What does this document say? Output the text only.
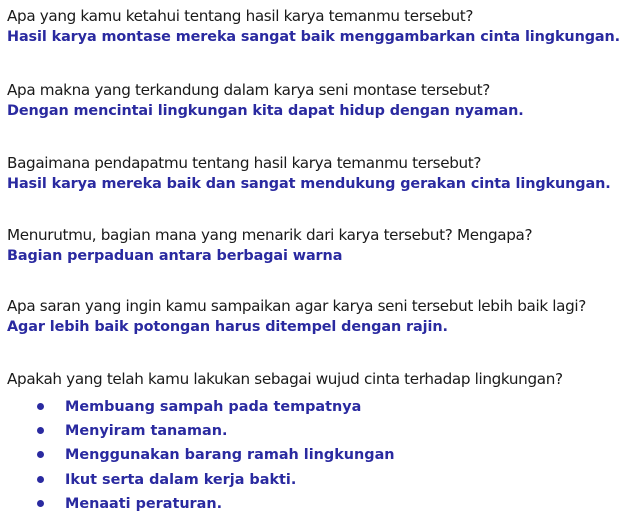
Apa yang kamu ketahui tentang hasil karya temanmu tersebut?
Hasil karya montase mereka sangat baik menggambarkan cinta lingkungan.
Apa makna yang terkandung dalam karya seni montase tersebut?
Dengan mencintai lingkungan kita dapat hidup dengan nyaman.
Bagaimana pendapatmu tentang hasil karya temanmu tersebut?
Hasil karya mereka baik dan sangat mendukung gerakan cinta lingkungan.
Menurutmu, bagian mana yang menarik dari karya tersebut? Mengapa?
Bagian perpaduan antara berbagai warna
Apa saran yang ingin kamu sampaikan agar karya seni tersebut lebih baik lagi?
Agar lebih baik potongan harus ditempel dengan rajin.
Apakah yang telah kamu lakukan sebagai wujud cinta terhadap lingkungan?
Membuang sampah pada tempatnya
Menyiram tanaman.
Menggunakan barang ramah lingkungan
Ikut serta dalam kerja bakti.
Menaati peraturan.
